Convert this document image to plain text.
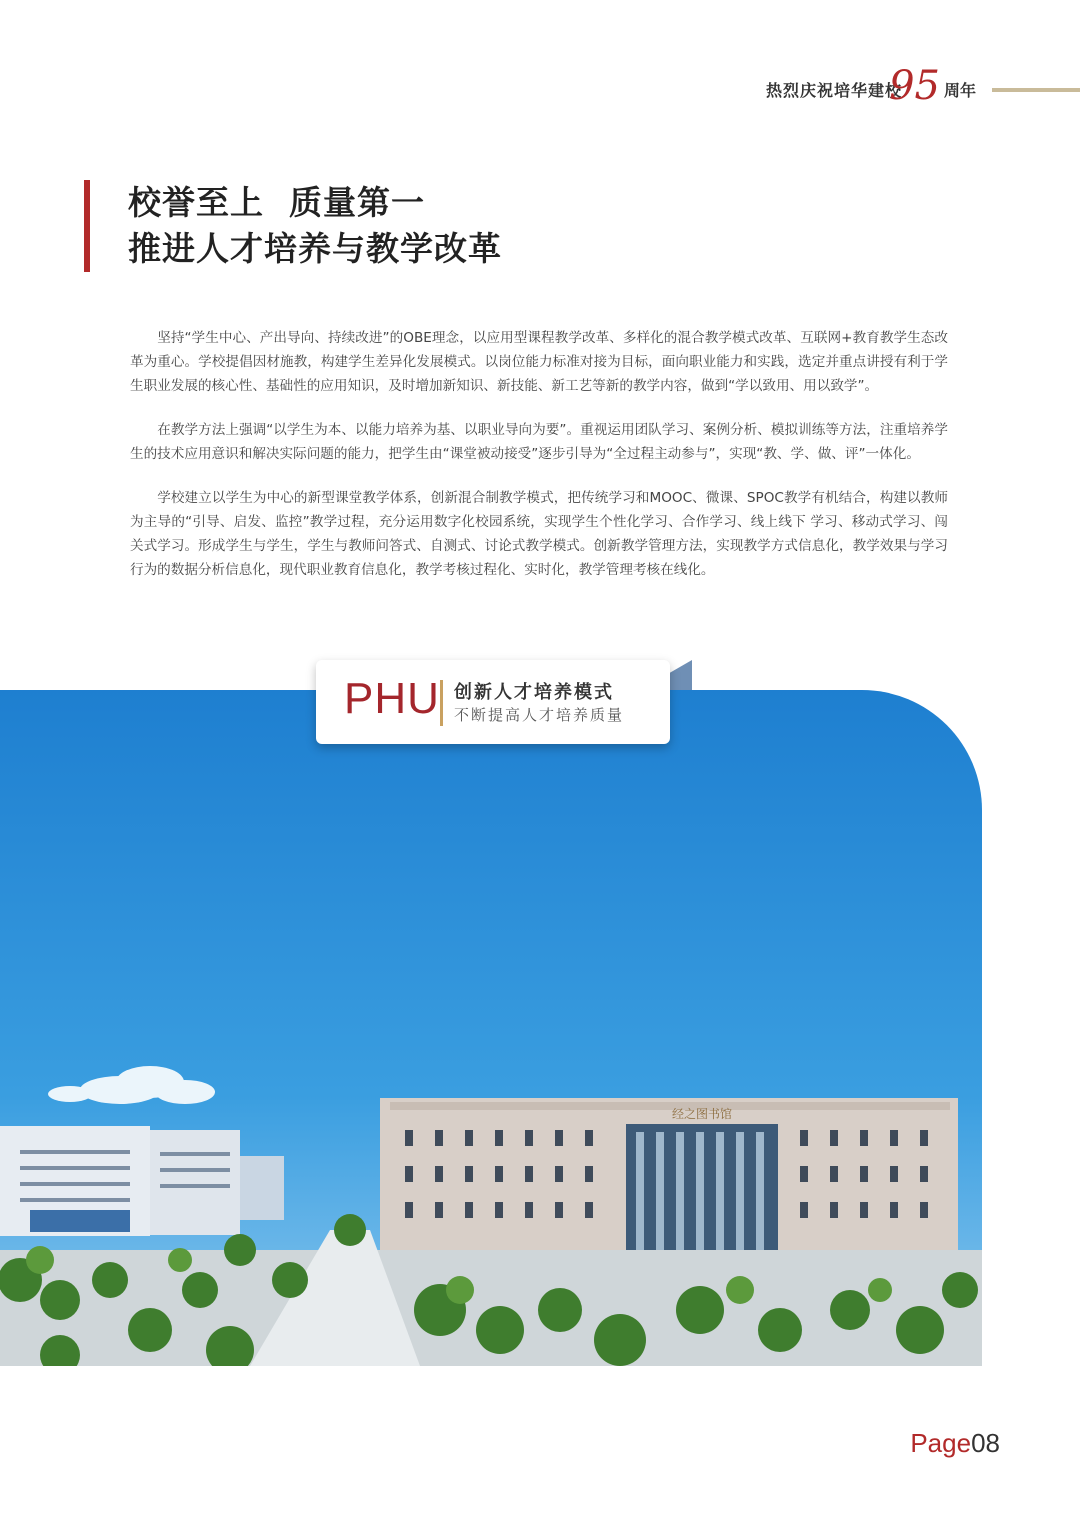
热烈庆祝培华建校
95 周年
校誉至上  质量第一
推进人才培养与教学改革

坚持“学生中心、产出导向、持续改进”的OBE理念，以应用型课程教学改革、多样化的混合教学模式改革、互联网+教育教学生态改革为重心。学校提倡因材施教，构建学生差异化发展模式。以岗位能力标准对接为目标，面向职业能力和实践，选定并重点讲授有利于学生职业发展的核心性、基础性的应用知识，及时增加新知识、新技能、新工艺等新的教学内容，做到“学以致用、用以致学”。

在教学方法上强调“以学生为本、以能力培养为基、以职业导向为要”。重视运用团队学习、案例分析、模拟训练等方法，注重培养学生的技术应用意识和解决实际问题的能力，把学生由“课堂被动接受”逐步引导为“全过程主动参与”，实现“教、学、做、评”一体化。

学校建立以学生为中心的新型课堂教学体系，创新混合制教学模式，把传统学习和MOOC、微课、SPOC教学有机结合，构建以教师为主导的“引导、启发、监控”教学过程，充分运用数字化校园系统，实现学生个性化学习、合作学习、线上线下 学习、移动式学习、闯关式学习。形成学生与学生，学生与教师问答式、自测式、讨论式教学模式。创新教学管理方法，实现教学方式信息化，教学效果与学习行为的数据分析信息化，现代职业教育信息化，教学考核过程化、实时化，教学管理考核在线化。

经之图书馆
PHU 创新人才培养模式
不断提高人才培养质量
Page08
